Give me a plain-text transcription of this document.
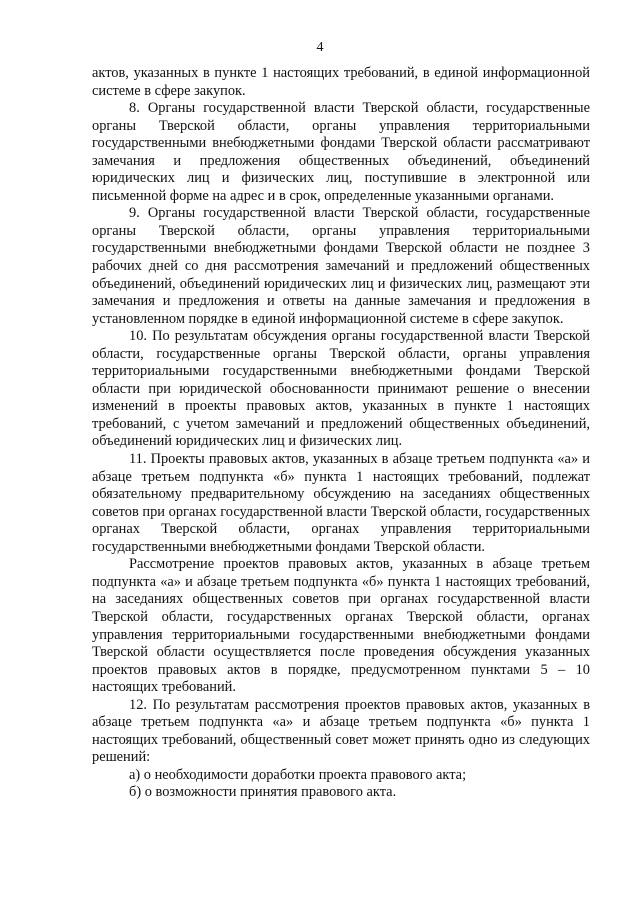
4

актов, указанных в пункте 1 настоящих требований, в единой информационной системе в сфере закупок.

8. Органы государственной власти Тверской области, государственные органы Тверской области, органы управления территориальными государственными внебюджетными фондами Тверской области рассматривают замечания и предложения общественных объединений, объединений юридических лиц и физических лиц, поступившие в электронной или письменной форме на адрес и в срок, определенные указанными органами.

9. Органы государственной власти Тверской области, государственные органы Тверской области, органы управления территориальными государственными внебюджетными фондами Тверской области не позднее 3 рабочих дней со дня рассмотрения замечаний и предложений общественных объединений, объединений юридических лиц и физических лиц, размещают эти замечания и предложения и ответы на данные замечания и предложения в установленном порядке в единой информационной системе в сфере закупок.

10. По результатам обсуждения органы государственной власти Тверской области, государственные органы Тверской области, органы управления территориальными государственными внебюджетными фондами Тверской области при юридической обоснованности принимают решение о внесении изменений в проекты правовых актов, указанных в пункте 1 настоящих требований, с учетом замечаний и предложений общественных объединений, объединений юридических лиц и физических лиц.

11. Проекты правовых актов, указанных в абзаце третьем подпункта «а» и абзаце третьем подпункта «б» пункта 1 настоящих требований, подлежат обязательному предварительному обсуждению на заседаниях общественных советов при органах государственной власти Тверской области, государственных органах Тверской области, органах управления территориальными государственными внебюджетными фондами Тверской области.

Рассмотрение проектов правовых актов, указанных в абзаце третьем подпункта «а» и абзаце третьем подпункта «б» пункта 1 настоящих требований, на заседаниях общественных советов при органах государственной власти Тверской области, государственных органах Тверской области, органах управления территориальными государственными внебюджетными фондами Тверской области осуществляется после проведения обсуждения указанных проектов правовых актов в порядке, предусмотренном пунктами 5 – 10 настоящих требований.

12. По результатам рассмотрения проектов правовых актов, указанных в абзаце третьем подпункта «а» и абзаце третьем подпункта «б» пункта 1 настоящих требований, общественный совет может принять одно из следующих решений:

а) о необходимости доработки проекта правового акта;

б) о возможности принятия правового акта.
